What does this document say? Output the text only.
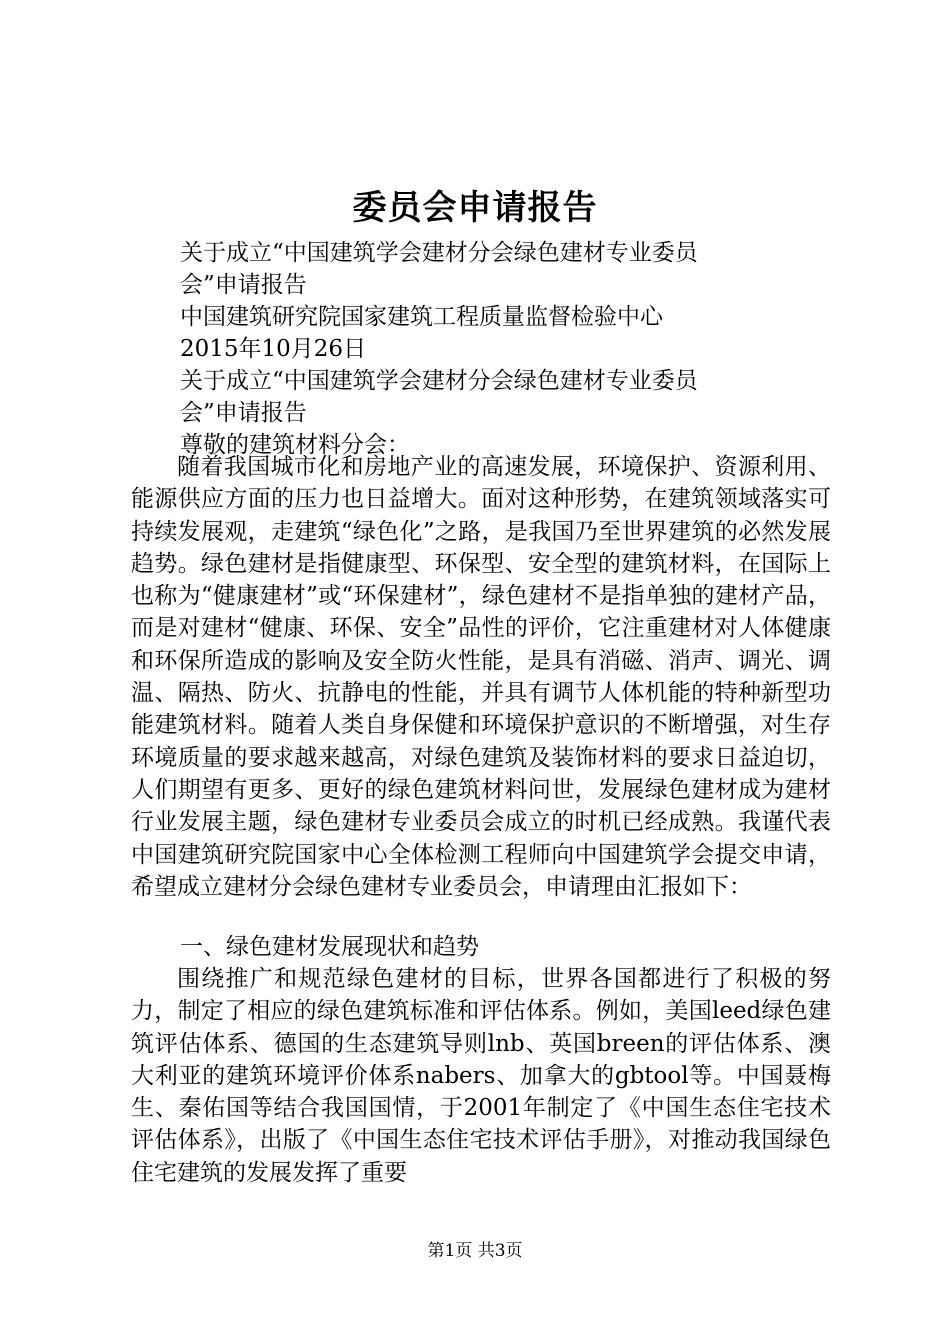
委员会申请报告
关于成立“中国建筑学会建材分会绿色建材专业委员
会”申请报告
中国建筑研究院国家建筑工程质量监督检验中心
2015年10月26日
关于成立“中国建筑学会建材分会绿色建材专业委员
会”申请报告
尊敬的建筑材料分会：
随着我国城市化和房地产业的高速发展，环境保护、资源利用、能源供应方面的压力也日益增大。面对这种形势，在建筑领域落实可持续发展观，走建筑“绿色化”之路，是我国乃至世界建筑的必然发展趋势。绿色建材是指健康型、环保型、安全型的建筑材料，在国际上也称为“健康建材”或“环保建材”，绿色建材不是指单独的建材产品，而是对建材“健康、环保、安全”品性的评价，它注重建材对人体健康和环保所造成的影响及安全防火性能，是具有消磁、消声、调光、调温、隔热、防火、抗静电的性能，并具有调节人体机能的特种新型功能建筑材料。随着人类自身保健和环境保护意识的不断增强，对生存环境质量的要求越来越高，对绿色建筑及装饰材料的要求日益迫切，人们期望有更多、更好的绿色建筑材料问世，发展绿色建材成为建材行业发展主题，绿色建材专业委员会成立的时机已经成熟。我谨代表中国建筑研究院国家中心全体检测工程师向中国建筑学会提交申请，希望成立建材分会绿色建材专业委员会，申请理由汇报如下：
一、绿色建材发展现状和趋势
围绕推广和规范绿色建材的目标，世界各国都进行了积极的努力，制定了相应的绿色建筑标准和评估体系。例如，美国leed绿色建筑评估体系、德国的生态建筑导则lnb、英国breen的评估体系、澳大利亚的建筑环境评价体系nabers、加拿大的gbtool等。中国聂梅生、秦佑国等结合我国国情，于2001年制定了《中国生态住宅技术评估体系》，出版了《中国生态住宅技术评估手册》，对推动我国绿色住宅建筑的发展发挥了重要
第1页 共3页
